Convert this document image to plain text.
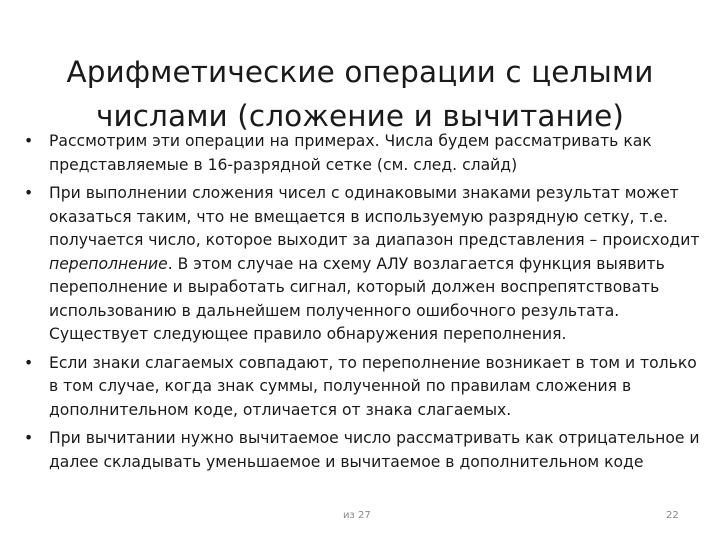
Арифметические операции с целыми числами (сложение и вычитание)
• Рассмотрим эти операции на примерах. Числа будем рассматривать как представляемые в 16-разрядной сетке (см. след. слайд)
• При выполнении сложения чисел с одинаковыми знаками результат может оказаться таким, что не вмещается в используемую разрядную сетку, т.е. получается число, которое выходит за диапазон представления – происходит переполнение. В этом случае на схему АЛУ возлагается функция выявить переполнение и выработать сигнал, который должен воспрепятствовать использованию в дальнейшем полученного ошибочного результата. Существует следующее правило обнаружения переполнения.
• Если знаки слагаемых совпадают, то переполнение возникает в том и только в том случае, когда знак суммы, полученной по правилам сложения в дополнительном коде, отличается от знака слагаемых.
• При вычитании нужно вычитаемое число рассматривать как отрицательное и далее складывать уменьшаемое и вычитаемое в дополнительном коде
из 27	22
